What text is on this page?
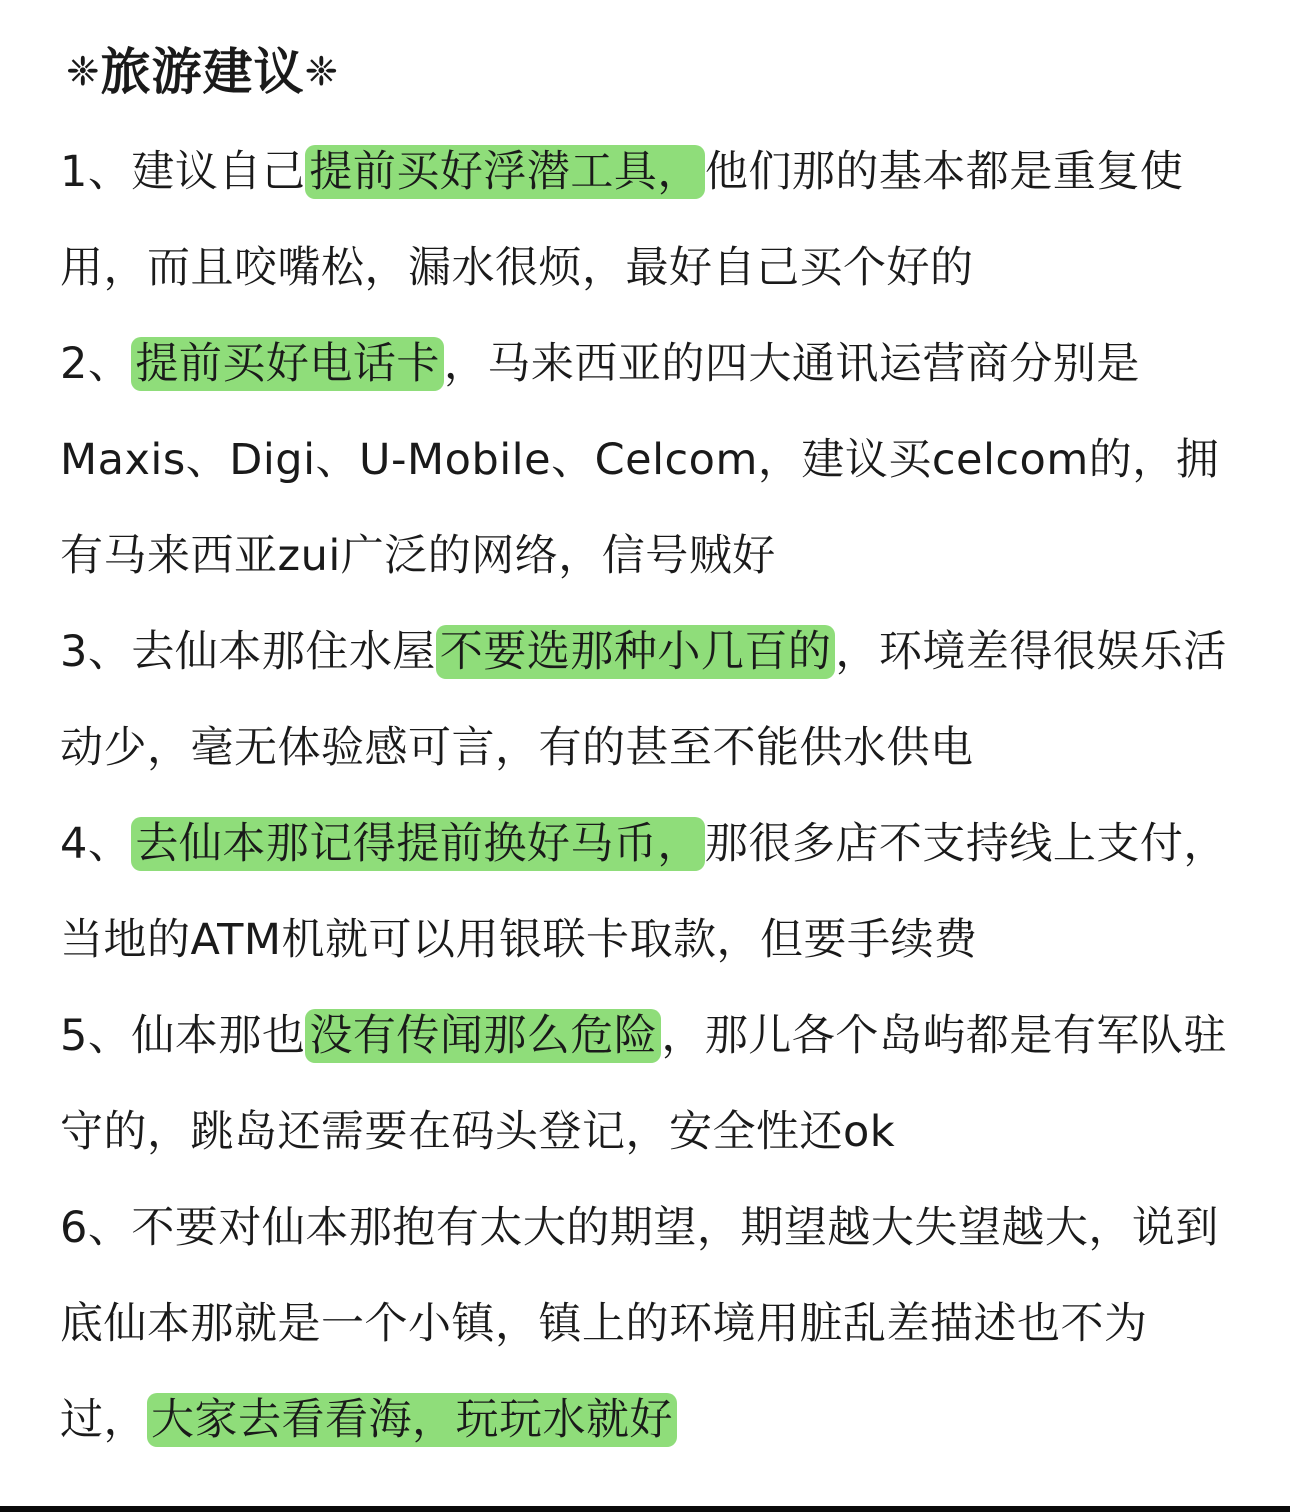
❈旅游建议❈
1、建议自己提前买好浮潜工具，他们那的基本都是重复使用，而且咬嘴松，漏水很烦，最好自己买个好的
2、提前买好电话卡，马来西亚的四大通讯运营商分别是Maxis、Digi、U-Mobile、Celcom，建议买celcom的，拥有马来西亚zui广泛的网络，信号贼好
3、去仙本那住水屋不要选那种小几百的，环境差得很娱乐活动少，毫无体验感可言，有的甚至不能供水供电
4、去仙本那记得提前换好马币，那很多店不支持线上支付，当地的ATM机就可以用银联卡取款，但要手续费
5、仙本那也没有传闻那么危险，那儿各个岛屿都是有军队驻守的，跳岛还需要在码头登记，安全性还ok
6、不要对仙本那抱有太大的期望，期望越大失望越大，说到底仙本那就是一个小镇，镇上的环境用脏乱差描述也不为过，大家去看看海，玩玩水就好
